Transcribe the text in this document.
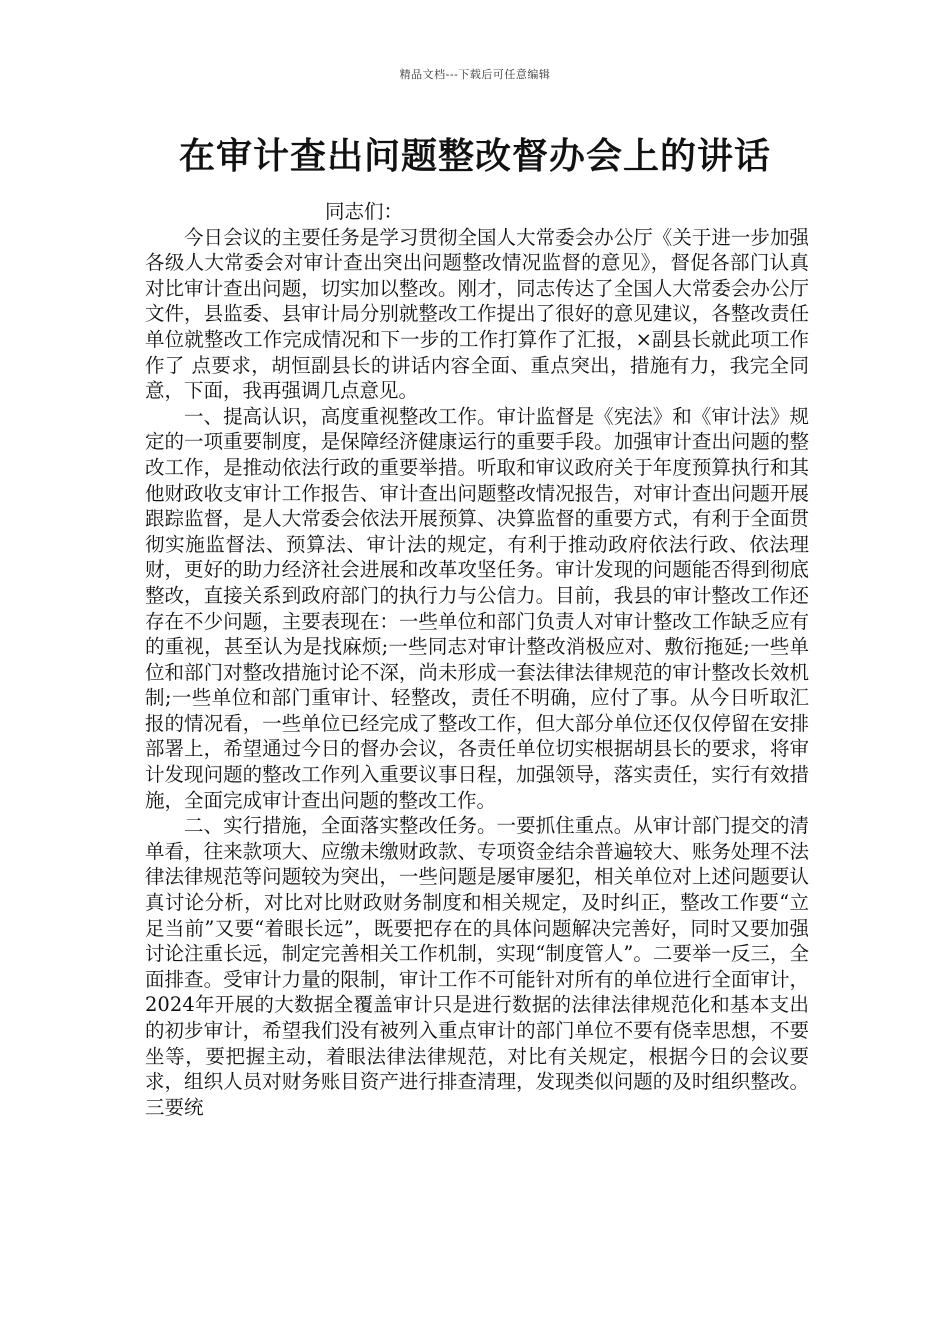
精品文档---下载后可任意编辑
在审计查出问题整改督办会上的讲话

同志们：

今日会议的主要任务是学习贯彻全国人大常委会办公厅《关于进一步加强各级人大常委会对审计查出突出问题整改情况监督的意见》，督促各部门认真对比审计查出问题，切实加以整改。刚才，同志传达了全国人大常委会办公厅文件，县监委、县审计局分别就整改工作提出了很好的意见建议，各整改责任单位就整改工作完成情况和下一步的工作打算作了汇报，×副县长就此项工作作了 点要求，胡恒副县长的讲话内容全面、重点突出，措施有力，我完全同意，下面，我再强调几点意见。

一、提高认识，高度重视整改工作。审计监督是《宪法》和《审计法》规定的一项重要制度，是保障经济健康运行的重要手段。加强审计查出问题的整改工作，是推动依法行政的重要举措。听取和审议政府关于年度预算执行和其他财政收支审计工作报告、审计查出问题整改情况报告，对审计查出问题开展跟踪监督，是人大常委会依法开展预算、决算监督的重要方式，有利于全面贯彻实施监督法、预算法、审计法的规定，有利于推动政府依法行政、依法理财，更好的助力经济社会进展和改革攻坚任务。审计发现的问题能否得到彻底整改，直接关系到政府部门的执行力与公信力。目前，我县的审计整改工作还存在不少问题，主要表现在：一些单位和部门负责人对审计整改工作缺乏应有的重视，甚至认为是找麻烦;一些同志对审计整改消极应对、敷衍拖延;一些单位和部门对整改措施讨论不深，尚未形成一套法律法律规范的审计整改长效机制;一些单位和部门重审计、轻整改，责任不明确，应付了事。从今日听取汇报的情况看，一些单位已经完成了整改工作，但大部分单位还仅仅停留在安排部署上，希望通过今日的督办会议，各责任单位切实根据胡县长的要求，将审计发现问题的整改工作列入重要议事日程，加强领导，落实责任，实行有效措施，全面完成审计查出问题的整改工作。

二、实行措施，全面落实整改任务。一要抓住重点。从审计部门提交的清单看，往来款项大、应缴未缴财政款、专项资金结余普遍较大、账务处理不法律法律规范等问题较为突出，一些问题是屡审屡犯，相关单位对上述问题要认真讨论分析，对比对比财政财务制度和相关规定，及时纠正，整改工作要“立足当前”又要“着眼长远”，既要把存在的具体问题解决完善好，同时又要加强讨论注重长远，制定完善相关工作机制，实现“制度管人”。二要举一反三，全面排查。受审计力量的限制，审计工作不可能针对所有的单位进行全面审计，2024年开展的大数据全覆盖审计只是进行数据的法律法律规范化和基本支出的初步审计，希望我们没有被列入重点审计的部门单位不要有侥幸思想，不要坐等，要把握主动，着眼法律法律规范，对比有关规定，根据今日的会议要求，组织人员对财务账目资产进行排查清理，发现类似问题的及时组织整改。三要统
